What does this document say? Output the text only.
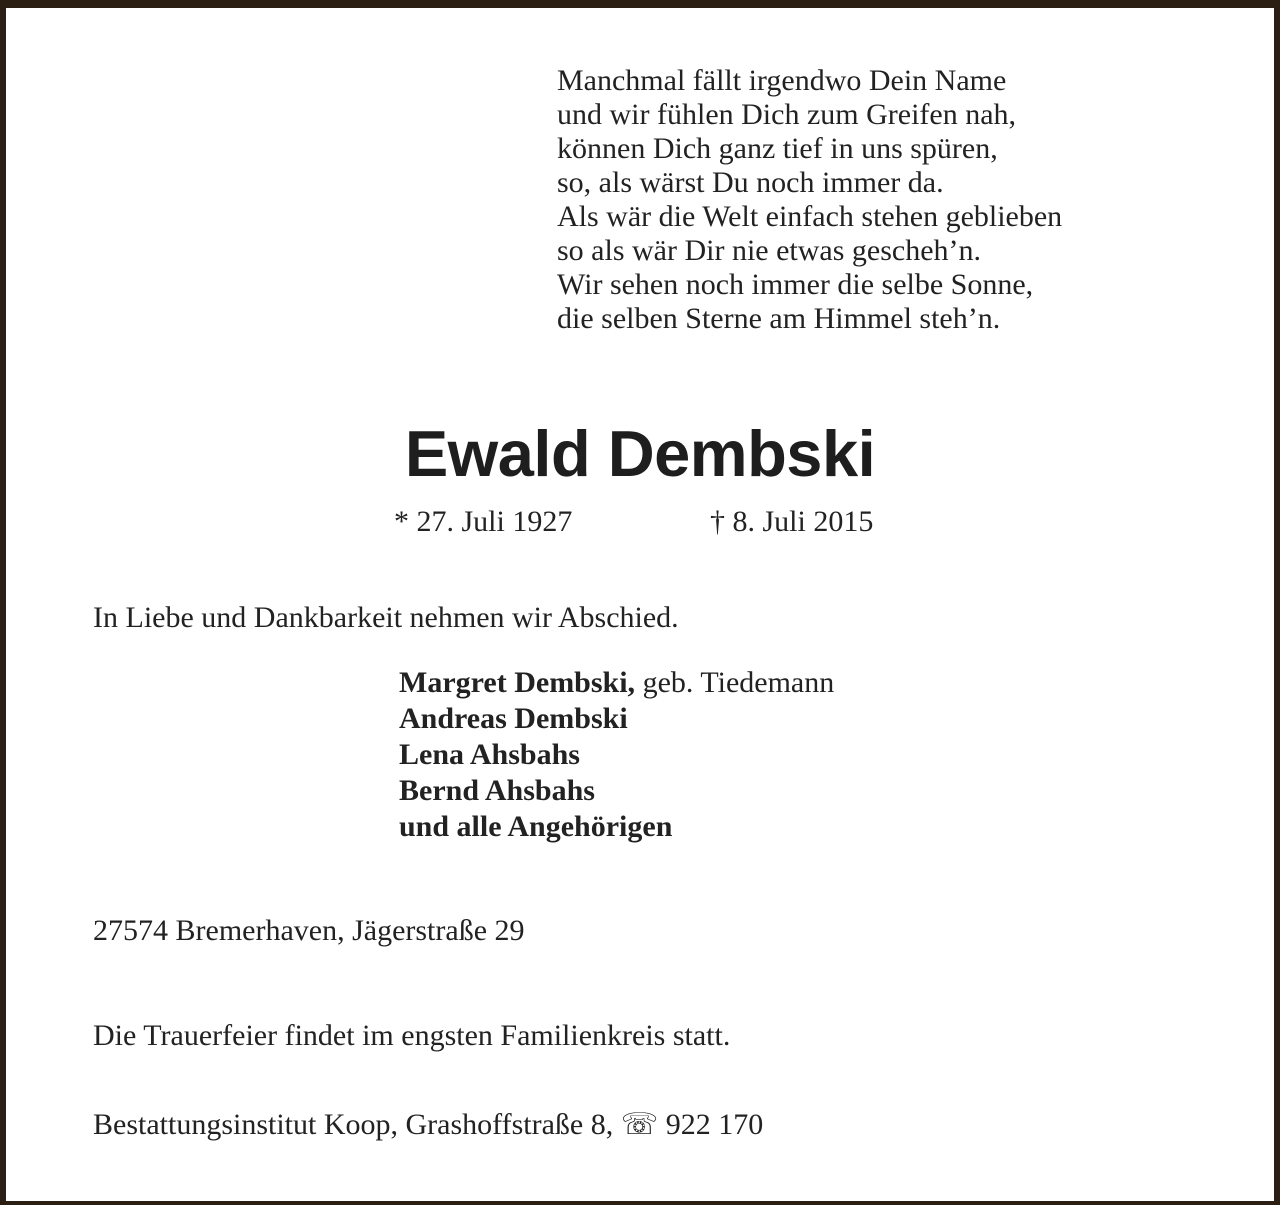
Manchmal fällt irgendwo Dein Name
und wir fühlen Dich zum Greifen nah,
können Dich ganz tief in uns spüren,
so, als wärst Du noch immer da.
Als wär die Welt einfach stehen geblieben
so als wär Dir nie etwas gescheh’n.
Wir sehen noch immer die selbe Sonne,
die selben Sterne am Himmel steh’n.
Ewald Dembski
* 27. Juli 1927	† 8. Juli 2015
In Liebe und Dankbarkeit nehmen wir Abschied.
Margret Dembski, geb. Tiedemann
Andreas Dembski
Lena Ahsbahs
Bernd Ahsbahs
und alle Angehörigen
27574 Bremerhaven, Jägerstraße 29
Die Trauerfeier findet im engsten Familienkreis statt.
Bestattungsinstitut Koop, Grashoffstraße 8, ☏ 922 170
